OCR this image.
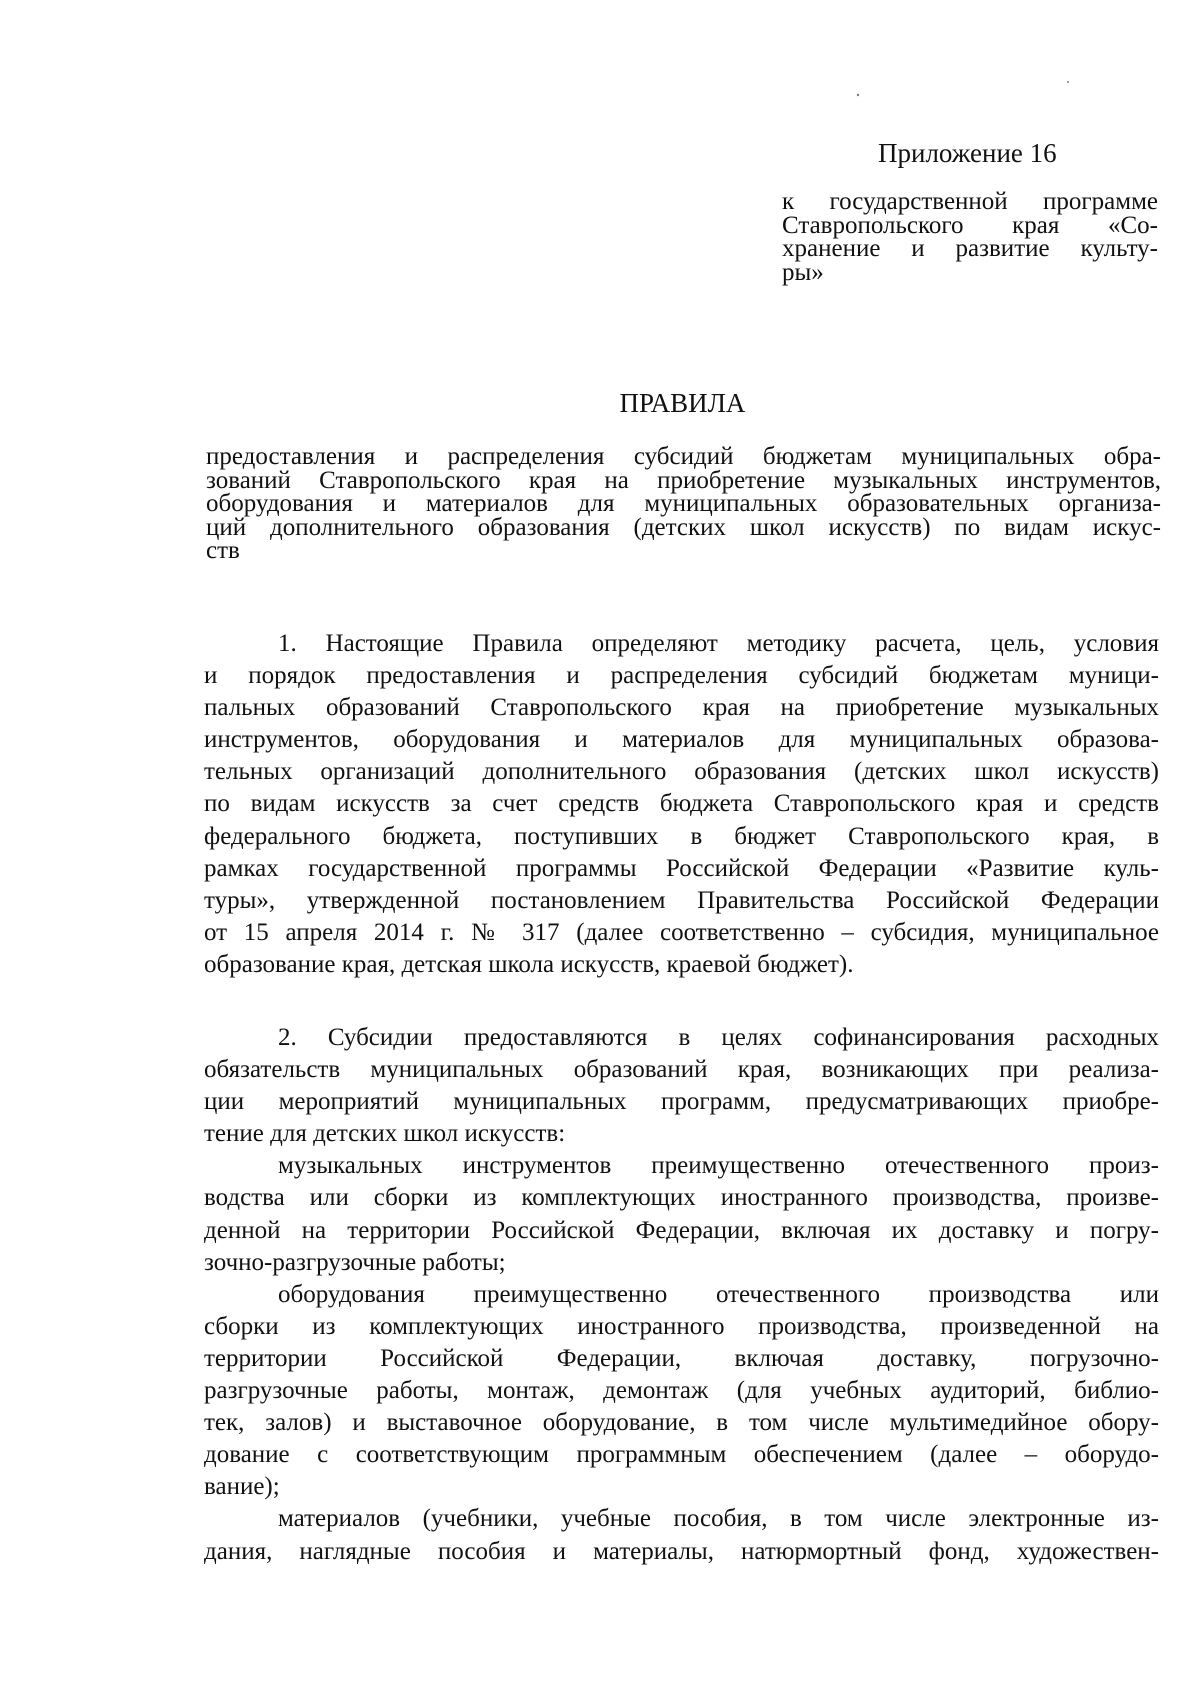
Приложение 16
к государственной программе
Ставропольского края «Со-
хранение и развитие культу-
ры»
ПРАВИЛА
предоставления и распределения субсидий бюджетам муниципальных обра-
зований Ставропольского края на приобретение музыкальных инструментов,
оборудования и материалов для муниципальных образовательных организа-
ций дополнительного образования (детских школ искусств) по видам искус-
ств
1. Настоящие Правила определяют методику расчета, цель, условия
и порядок предоставления и распределения субсидий бюджетам муници-
пальных образований Ставропольского края на приобретение музыкальных
инструментов, оборудования и материалов для муниципальных образова-
тельных организаций дополнительного образования (детских школ искусств)
по видам искусств за счет средств бюджета Ставропольского края и средств
федерального бюджета, поступивших в бюджет Ставропольского края, в
рамках государственной программы Российской Федерации «Развитие куль-
туры», утвержденной постановлением Правительства Российской Федерации
от 15 апреля 2014 г. № 317 (далее соответственно – субсидия, муниципальное
образование края, детская школа искусств, краевой бюджет).
2. Субсидии предоставляются в целях софинансирования расходных
обязательств муниципальных образований края, возникающих при реализа-
ции мероприятий муниципальных программ, предусматривающих приобре-
тение для детских школ искусств:
музыкальных инструментов преимущественно отечественного произ-
водства или сборки из комплектующих иностранного производства, произве-
денной на территории Российской Федерации, включая их доставку и погру-
зочно-разгрузочные работы;
оборудования преимущественно отечественного производства или
сборки из комплектующих иностранного производства, произведенной на
территории Российской Федерации, включая доставку, погрузочно-
разгрузочные работы, монтаж, демонтаж (для учебных аудиторий, библио-
тек, залов) и выставочное оборудование, в том числе мультимедийное обору-
дование с соответствующим программным обеспечением (далее – оборудо-
вание);
материалов (учебники, учебные пособия, в том числе электронные из-
дания, наглядные пособия и материалы, натюрмортный фонд, художествен-
